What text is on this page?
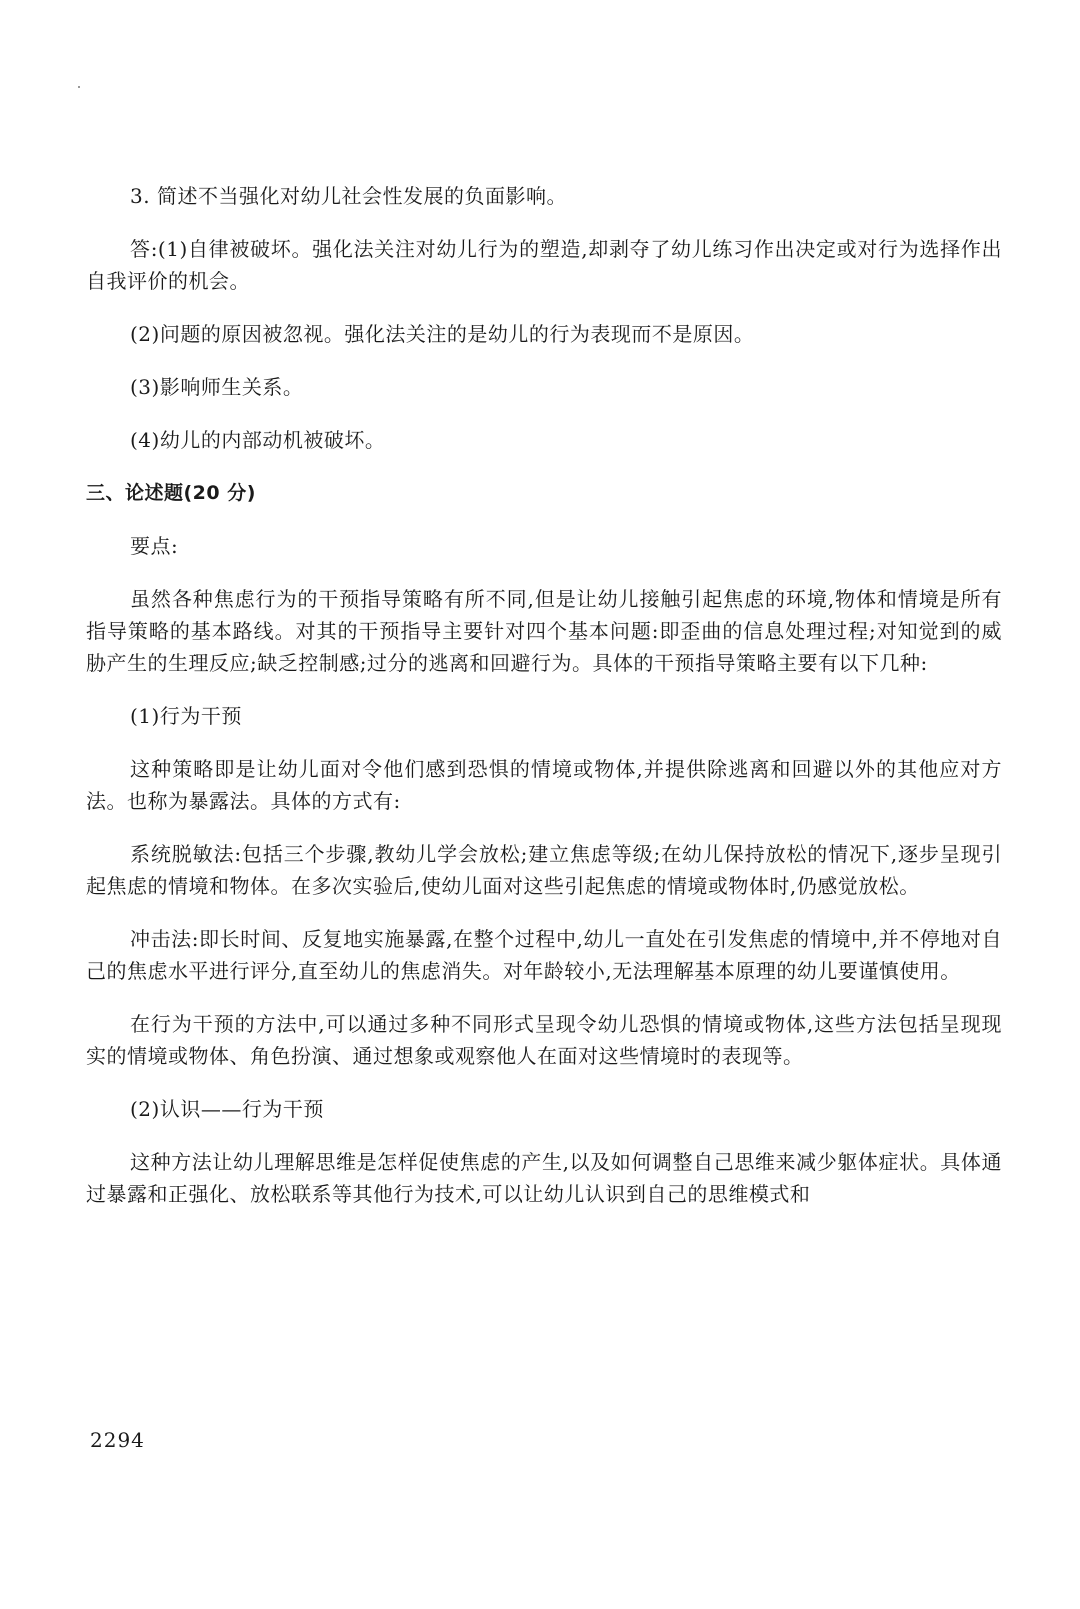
3. 简述不当强化对幼儿社会性发展的负面影响。

答:(1)自律被破坏。强化法关注对幼儿行为的塑造,却剥夺了幼儿练习作出决定或对行为选择作出自我评价的机会。

(2)问题的原因被忽视。强化法关注的是幼儿的行为表现而不是原因。

(3)影响师生关系。

(4)幼儿的内部动机被破坏。

三、论述题(20 分)

要点:

虽然各种焦虑行为的干预指导策略有所不同,但是让幼儿接触引起焦虑的环境,物体和情境是所有指导策略的基本路线。对其的干预指导主要针对四个基本问题:即歪曲的信息处理过程;对知觉到的威胁产生的生理反应;缺乏控制感;过分的逃离和回避行为。具体的干预指导策略主要有以下几种:

(1)行为干预

这种策略即是让幼儿面对令他们感到恐惧的情境或物体,并提供除逃离和回避以外的其他应对方法。也称为暴露法。具体的方式有:

系统脱敏法:包括三个步骤,教幼儿学会放松;建立焦虑等级;在幼儿保持放松的情况下,逐步呈现引起焦虑的情境和物体。在多次实验后,使幼儿面对这些引起焦虑的情境或物体时,仍感觉放松。

冲击法:即长时间、反复地实施暴露,在整个过程中,幼儿一直处在引发焦虑的情境中,并不停地对自己的焦虑水平进行评分,直至幼儿的焦虑消失。对年龄较小,无法理解基本原理的幼儿要谨慎使用。

在行为干预的方法中,可以通过多种不同形式呈现令幼儿恐惧的情境或物体,这些方法包括呈现现实的情境或物体、角色扮演、通过想象或观察他人在面对这些情境时的表现等。

(2)认识——行为干预

这种方法让幼儿理解思维是怎样促使焦虑的产生,以及如何调整自己思维来减少躯体症状。具体通过暴露和正强化、放松联系等其他行为技术,可以让幼儿认识到自己的思维模式和

2294
